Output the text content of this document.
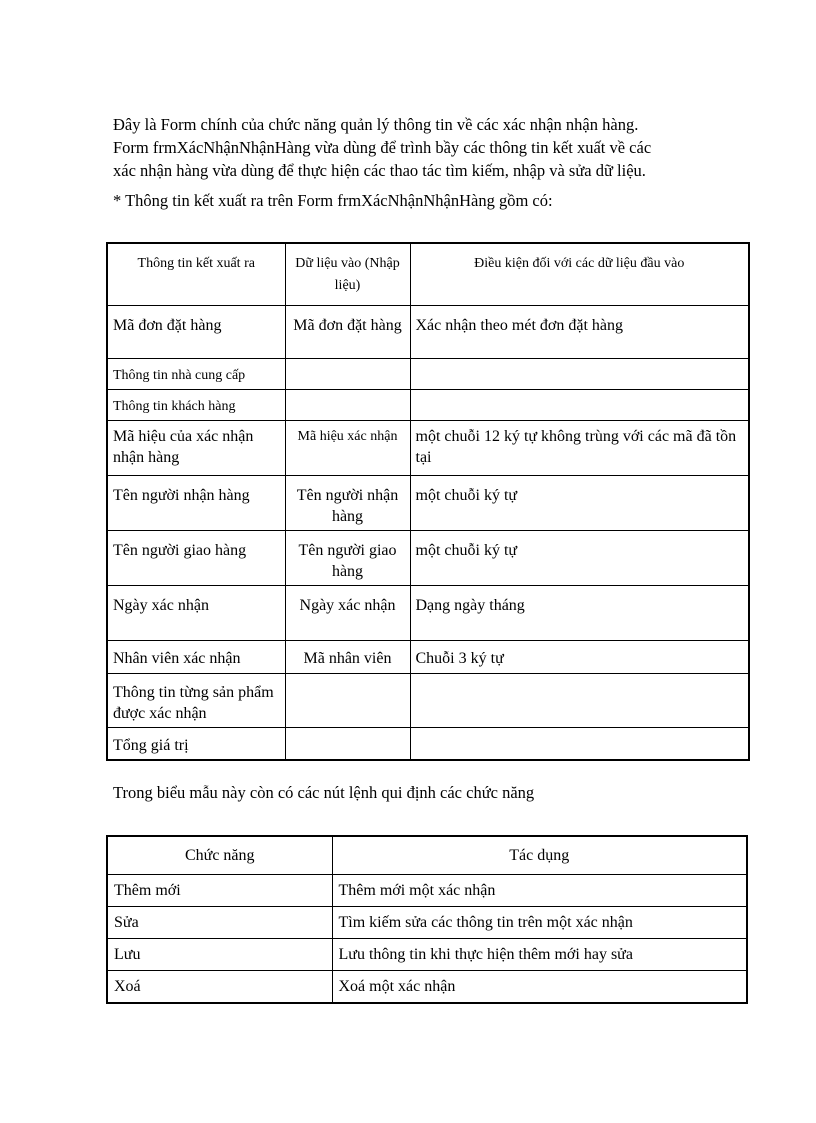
Đây là Form chính của chức năng quản lý thông tin về các xác nhận nhận hàng.

Form frmXácNhậnNhậnHàng vừa dùng để trình bầy các thông tin kết xuất về các

xác nhận hàng vừa dùng để thực hiện các thao tác tìm kiếm, nhập và sửa dữ liệu.

* Thông tin kết xuất ra trên Form frmXácNhậnNhậnHàng gồm có:
Thông tin kết xuất ra	Dữ liệu vào (Nhập liệu)	Điều kiện đối với các dữ liệu đầu vào
Mã đơn đặt hàng	Mã đơn đặt hàng	Xác nhận theo mét đơn đặt hàng
Thông tin nhà cung cấp		
Thông tin khách hàng		
Mã hiệu của xác nhận nhận hàng	Mã hiệu xác nhận	một chuỗi 12 ký tự không trùng với các mã đã tồn tại
Tên người nhận hàng	Tên người nhận hàng	một chuỗi ký tự
Tên người giao hàng	Tên người giao hàng	một chuỗi ký tự
Ngày xác nhận	Ngày xác nhận	Dạng ngày tháng
Nhân viên xác nhận	Mã nhân viên	Chuỗi 3 ký tự
Thông tin từng sản phẩm được xác nhận		
Tổng giá trị		
Trong biểu mẫu này còn có các nút lệnh qui định các chức năng
Chức năng	Tác dụng
Thêm mới	Thêm mới một xác nhận
Sửa	Tìm kiếm sửa các thông tin trên một xác nhận
Lưu	Lưu thông tin khi thực hiện thêm mới hay sửa
Xoá	Xoá một xác nhận
